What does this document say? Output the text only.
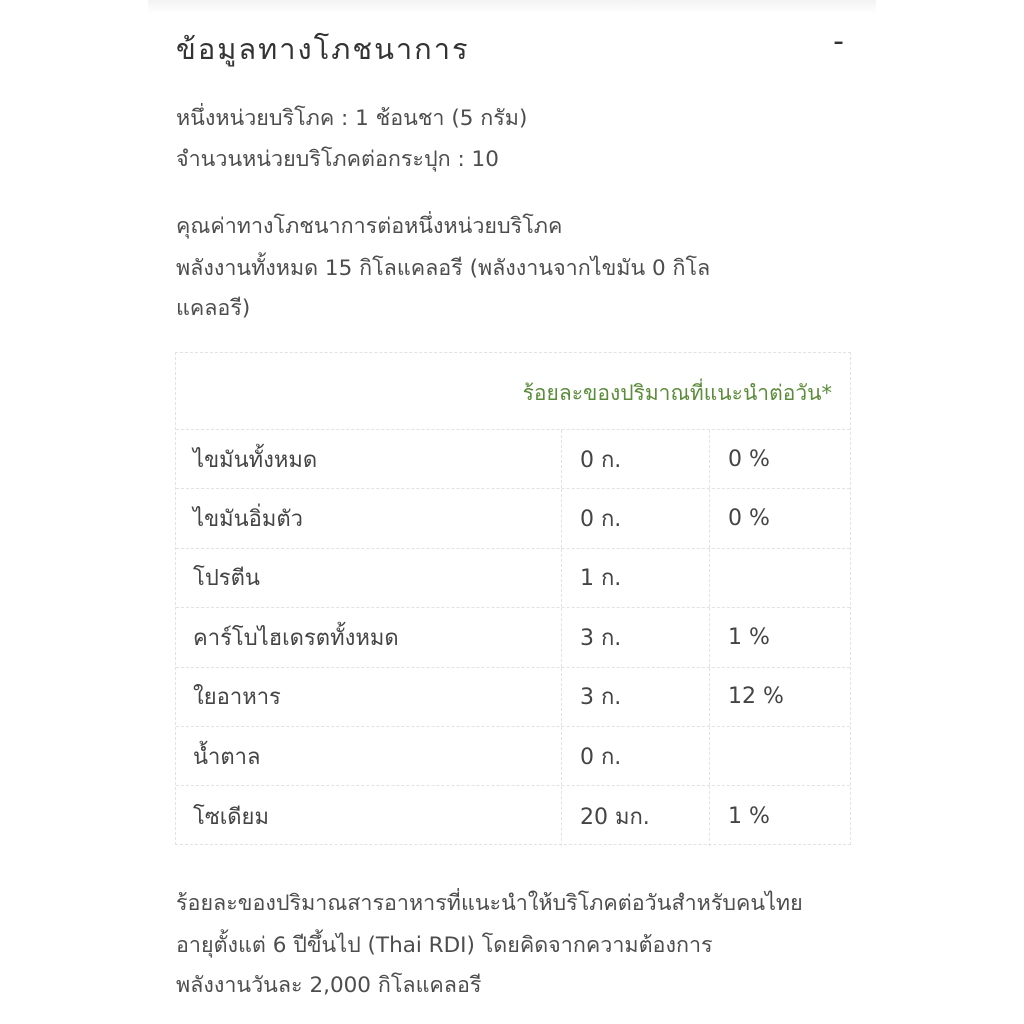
ข้อมูลทางโภชนาการ	-
หนึ่งหน่วยบริโภค : 1 ช้อนชา (5 กรัม)
จำนวนหน่วยบริโภคต่อกระปุก : 10
คุณค่าทางโภชนาการต่อหนึ่งหน่วยบริโภค
พลังงานทั้งหมด 15 กิโลแคลอรี (พลังงานจากไขมัน 0 กิโล
แคลอรี)
ร้อยละของปริมาณที่แนะนำต่อวัน*
ไขมันทั้งหมด	0 ก.	0 %
ไขมันอิ่มตัว	0 ก.	0 %
โปรตีน	1 ก.
คาร์โบไฮเดรตทั้งหมด	3 ก.	1 %
ใยอาหาร	3 ก.	12 %
น้ำตาล	0 ก.
โซเดียม	20 มก.	1 %
ร้อยละของปริมาณสารอาหารที่แนะนำให้บริโภคต่อวันสำหรับคนไทย
อายุตั้งแต่ 6 ปีขึ้นไป (Thai RDI) โดยคิดจากความต้องการ
พลังงานวันละ 2,000 กิโลแคลอรี
